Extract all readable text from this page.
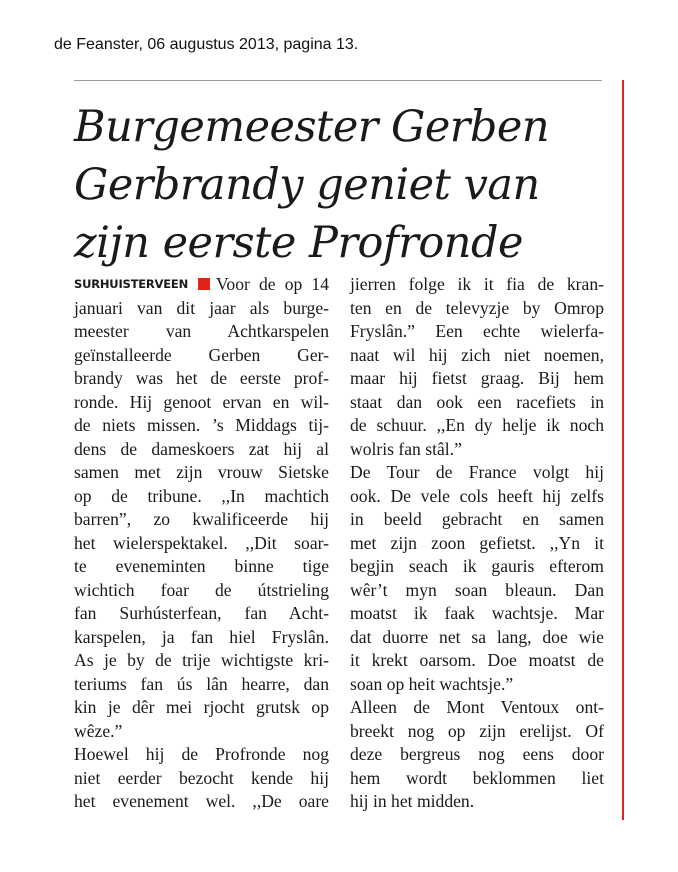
de Feanster, 06 augustus 2013, pagina 13.
Burgemeester Gerben
Gerbrandy geniet van
zijn eerste Profronde
SURHUISTERVEEN Voor de op 14
januari van dit jaar als burge-
meester van Achtkarspelen
geïnstalleerde Gerben Ger-
brandy was het de eerste prof-
ronde. Hij genoot ervan en wil-
de niets missen. ’s Middags tij-
dens de dameskoers zat hij al
samen met zijn vrouw Sietske
op de tribune. ,,In machtich
barren”, zo kwalificeerde hij
het wielerspektakel. ,,Dit soar-
te eveneminten binne tige
wichtich foar de útstrieling
fan Surhústerfean, fan Acht-
karspelen, ja fan hiel Fryslân.
As je by de trije wichtigste kri-
teriums fan ús lân hearre, dan
kin je dêr mei rjocht grutsk op
wêze.”
Hoewel hij de Profronde nog
niet eerder bezocht kende hij
het evenement wel. ,,De oare
jierren folge ik it fia de kran-
ten en de televyzje by Omrop
Fryslân.” Een echte wielerfa-
naat wil hij zich niet noemen,
maar hij fietst graag. Bij hem
staat dan ook een racefiets in
de schuur. ,,En dy helje ik noch
wolris fan stâl.”
De Tour de France volgt hij
ook. De vele cols heeft hij zelfs
in beeld gebracht en samen
met zijn zoon gefietst. ,,Yn it
begjin seach ik gauris efterom
wêr’t myn soan bleaun. Dan
moatst ik faak wachtsje. Mar
dat duorre net sa lang, doe wie
it krekt oarsom. Doe moatst de
soan op heit wachtsje.”
Alleen de Mont Ventoux ont-
breekt nog op zijn erelijst. Of
deze bergreus nog eens door
hem wordt beklommen liet
hij in het midden.
